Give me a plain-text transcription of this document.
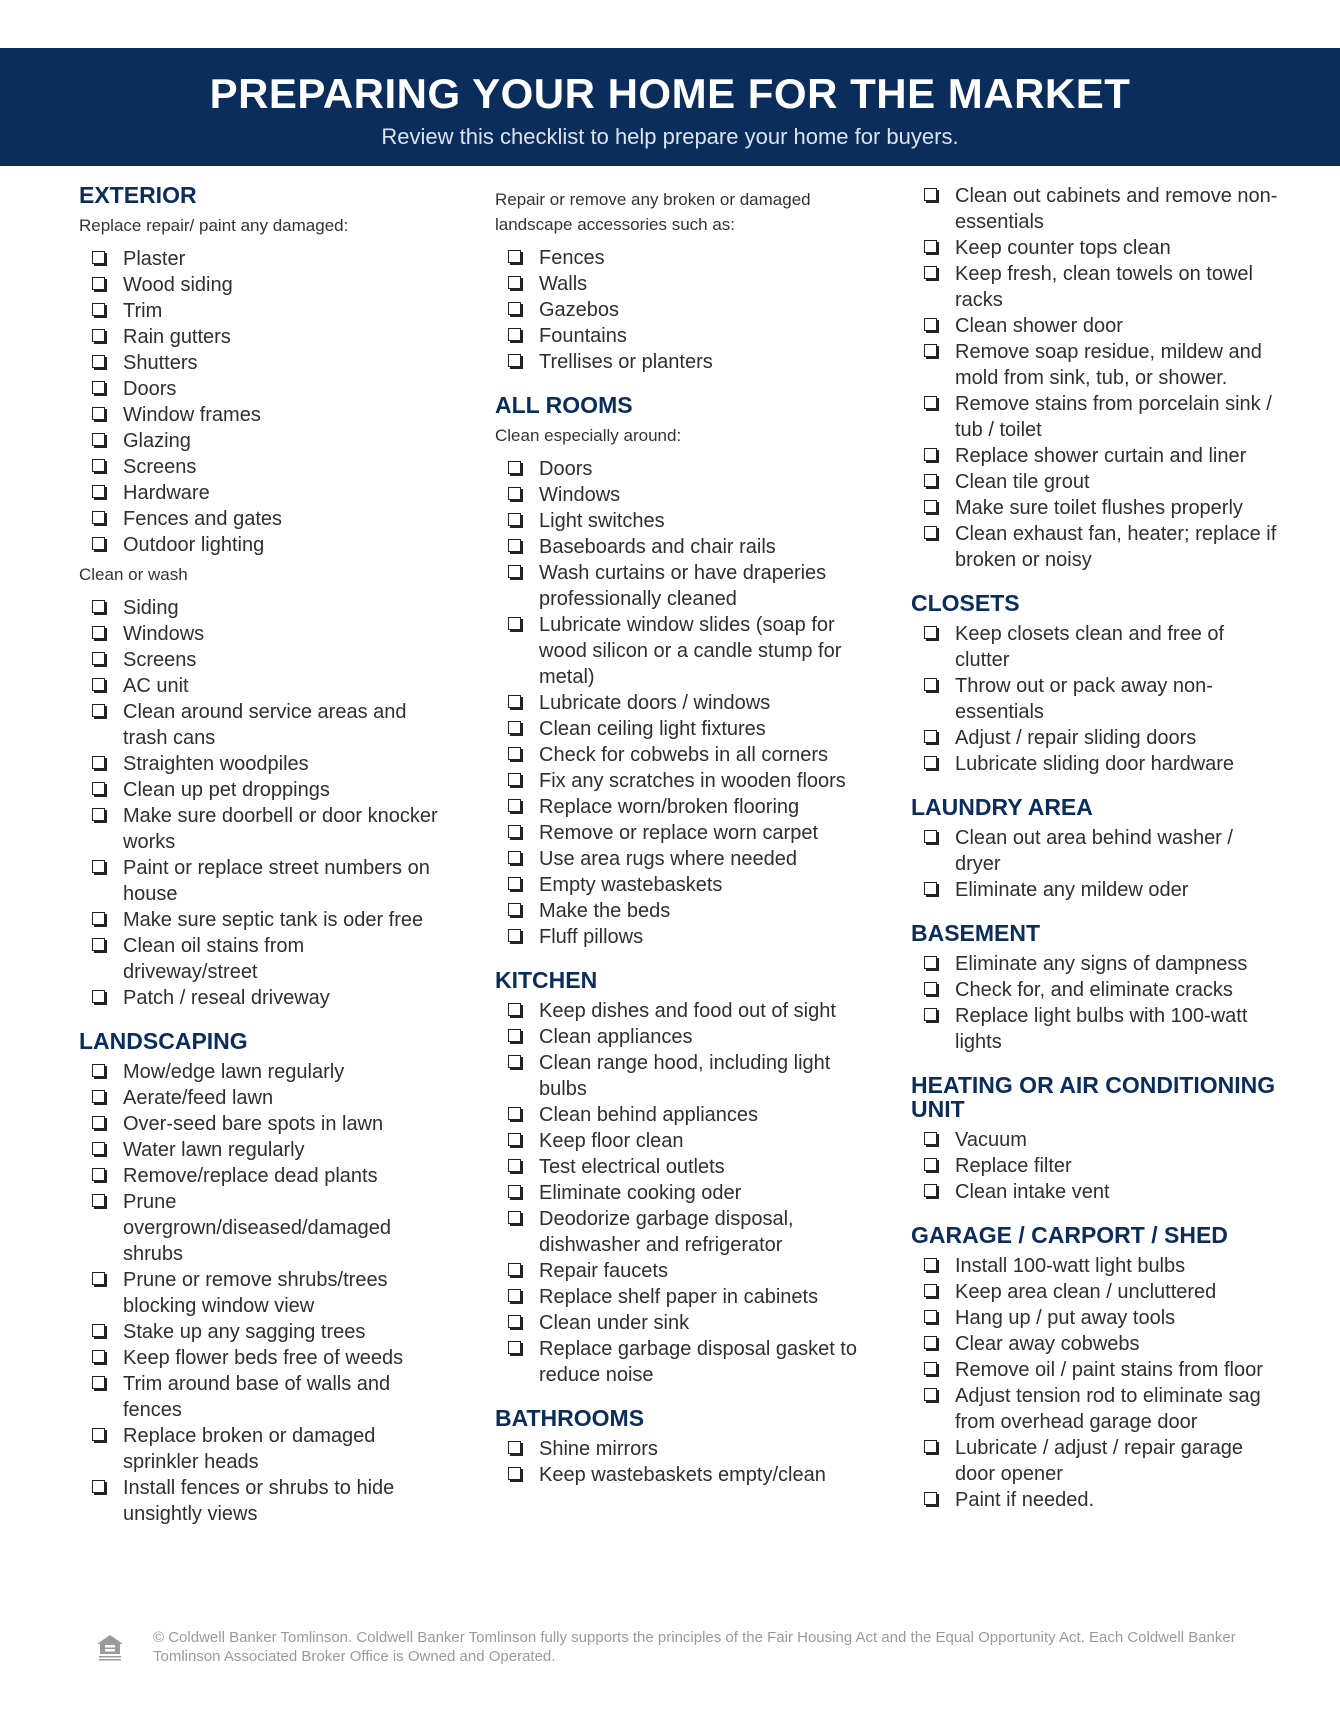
PREPARING YOUR HOME FOR THE MARKET
Review this checklist to help prepare your home for buyers.
EXTERIOR
Replace repair/ paint any damaged:
Plaster
Wood siding
Trim
Rain gutters
Shutters
Doors
Window frames
Glazing
Screens
Hardware
Fences and gates
Outdoor lighting
Clean or wash
Siding
Windows
Screens
AC unit
Clean around service areas and trash cans
Straighten woodpiles
Clean up pet droppings
Make sure doorbell or door knocker works
Paint or replace street numbers on house
Make sure septic tank is oder free
Clean oil stains from driveway/street
Patch / reseal driveway
LANDSCAPING
Mow/edge lawn regularly
Aerate/feed lawn
Over-seed bare spots in lawn
Water lawn regularly
Remove/replace dead plants
Prune overgrown/diseased/damaged shrubs
Prune or remove shrubs/trees blocking window view
Stake up any sagging trees
Keep flower beds free of weeds
Trim around base of walls and fences
Replace broken or damaged sprinkler heads
Install fences or shrubs to hide unsightly views
Repair or remove any broken or damaged landscape accessories such as:
Fences
Walls
Gazebos
Fountains
Trellises or planters
ALL ROOMS
Clean especially around:
Doors
Windows
Light switches
Baseboards and chair rails
Wash curtains or have draperies professionally cleaned
Lubricate window slides (soap for wood silicon or a candle stump for metal)
Lubricate doors / windows
Clean ceiling light fixtures
Check for cobwebs in all corners
Fix any scratches in wooden floors
Replace worn/broken flooring
Remove or replace worn carpet
Use area rugs where needed
Empty wastebaskets
Make the beds
Fluff pillows
KITCHEN
Keep dishes and food out of sight
Clean appliances
Clean range hood, including light bulbs
Clean behind appliances
Keep floor clean
Test electrical outlets
Eliminate cooking oder
Deodorize garbage disposal, dishwasher and refrigerator
Repair faucets
Replace shelf paper in cabinets
Clean under sink
Replace garbage disposal gasket to reduce noise
BATHROOMS
Shine mirrors
Keep wastebaskets empty/clean
Clean out cabinets and remove non-essentials
Keep counter tops clean
Keep fresh, clean towels on towel racks
Clean shower door
Remove soap residue, mildew and mold from sink, tub, or shower.
Remove stains from porcelain sink / tub / toilet
Replace shower curtain and liner
Clean tile grout
Make sure toilet flushes properly
Clean exhaust fan, heater; replace if broken or noisy
CLOSETS
Keep closets clean and free of clutter
Throw out or pack away non-essentials
Adjust / repair sliding doors
Lubricate sliding door hardware
LAUNDRY AREA
Clean out area behind washer / dryer
Eliminate any mildew oder
BASEMENT
Eliminate any signs of dampness
Check for, and eliminate cracks
Replace light bulbs with 100-watt lights
HEATING OR AIR CONDITIONING UNIT
Vacuum
Replace filter
Clean intake vent
GARAGE / CARPORT / SHED
Install 100-watt light bulbs
Keep area clean / uncluttered
Hang up / put away tools
Clear away cobwebs
Remove oil / paint stains from floor
Adjust tension rod to eliminate sag from overhead garage door
Lubricate / adjust / repair garage door opener
Paint if needed.
© Coldwell Banker Tomlinson. Coldwell Banker Tomlinson fully supports the principles of the Fair Housing Act and the Equal Opportunity Act. Each Coldwell Banker Tomlinson Associated Broker Office is Owned and Operated.
